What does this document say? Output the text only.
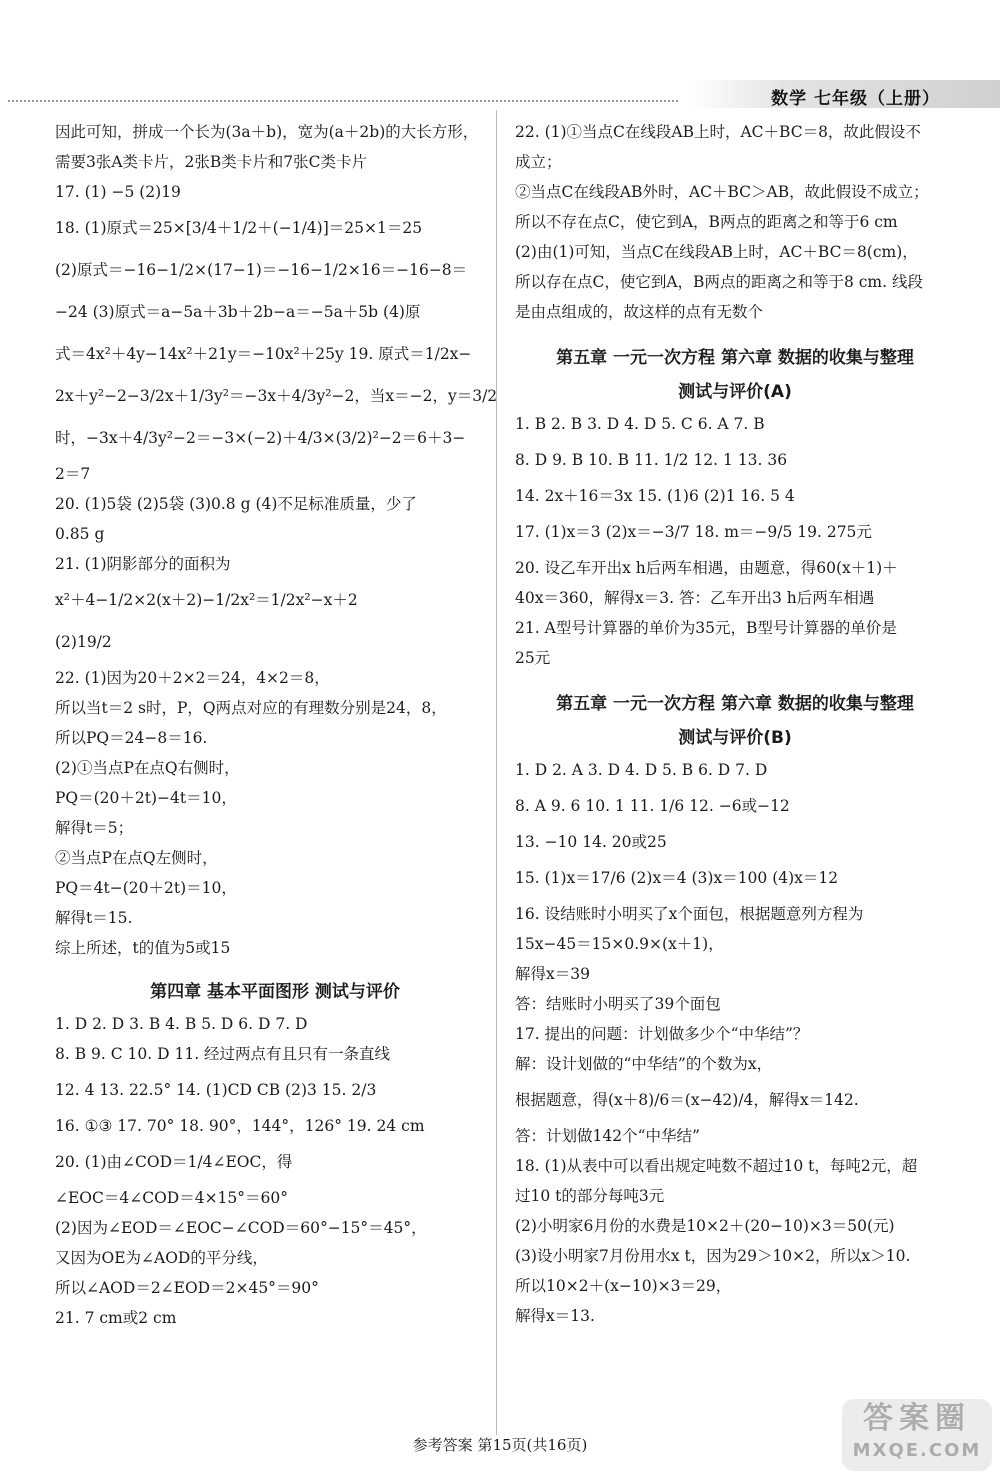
数学 七年级（上册）
因此可知，拼成一个长为(3a＋b)，宽为(a＋2b)的大长方形，
需要3张A类卡片，2张B类卡片和7张C类卡片
17. (1) −5 (2)19
18. (1)原式＝25×[3/4＋1/2＋(−1/4)]＝25×1＝25
(2)原式＝−16−1/2×(17−1)＝−16−1/2×16＝−16−8＝
−24 (3)原式＝a−5a＋3b＋2b−a＝−5a＋5b (4)原
式＝4x²＋4y−14x²＋21y＝−10x²＋25y 19. 原式＝1/2x−
2x＋y²−2−3/2x＋1/3y²＝−3x＋4/3y²−2，当x＝−2，y＝3/2
时，−3x＋4/3y²−2＝−3×(−2)＋4/3×(3/2)²−2＝6＋3−
2＝7
20. (1)5袋 (2)5袋 (3)0.8 g (4)不足标准质量，少了
0.85 g
21. (1)阴影部分的面积为
x²＋4−1/2×2(x＋2)−1/2x²＝1/2x²−x＋2
(2)19/2
22. (1)因为20＋2×2＝24，4×2＝8，
所以当t＝2 s时，P，Q两点对应的有理数分别是24，8，
所以PQ＝24−8＝16.
(2)①当点P在点Q右侧时，
PQ＝(20＋2t)−4t＝10，
解得t＝5；
②当点P在点Q左侧时，
PQ＝4t−(20＋2t)＝10，
解得t＝15.
综上所述，t的值为5或15
第四章 基本平面图形 测试与评价
1. D 2. D 3. B 4. B 5. D 6. D 7. D
8. B 9. C 10. D 11. 经过两点有且只有一条直线
12. 4 13. 22.5° 14. (1)CD CB (2)3 15. 2/3
16. ①③ 17. 70° 18. 90°，144°，126° 19. 24 cm
20. (1)由∠COD＝1/4∠EOC，得
∠EOC＝4∠COD＝4×15°＝60°
(2)因为∠EOD＝∠EOC−∠COD＝60°−15°＝45°，
又因为OE为∠AOD的平分线，
所以∠AOD＝2∠EOD＝2×45°＝90°
21. 7 cm或2 cm
22. (1)①当点C在线段AB上时，AC＋BC＝8，故此假设不
成立；
②当点C在线段AB外时，AC＋BC＞AB，故此假设不成立；
所以不存在点C，使它到A，B两点的距离之和等于6 cm
(2)由(1)可知，当点C在线段AB上时，AC＋BC＝8(cm)，
所以存在点C，使它到A，B两点的距离之和等于8 cm. 线段
是由点组成的，故这样的点有无数个
第五章 一元一次方程 第六章 数据的收集与整理
测试与评价(A)
1. B 2. B 3. D 4. D 5. C 6. A 7. B
8. D 9. B 10. B 11. 1/2 12. 1 13. 36
14. 2x＋16＝3x 15. (1)6 (2)1 16. 5 4
17. (1)x＝3 (2)x＝−3/7 18. m＝−9/5 19. 275元
20. 设乙车开出x h后两车相遇，由题意，得60(x＋1)＋
40x＝360，解得x＝3. 答：乙车开出3 h后两车相遇
21. A型号计算器的单价为35元，B型号计算器的单价是
25元
第五章 一元一次方程 第六章 数据的收集与整理
测试与评价(B)
1. D 2. A 3. D 4. D 5. B 6. D 7. D
8. A 9. 6 10. 1 11. 1/6 12. −6或−12
13. −10 14. 20或25
15. (1)x＝17/6 (2)x＝4 (3)x＝100 (4)x＝12
16. 设结账时小明买了x个面包，根据题意列方程为
15x−45＝15×0.9×(x＋1)，
解得x＝39
答：结账时小明买了39个面包
17. 提出的问题：计划做多少个“中华结”？
解：设计划做的“中华结”的个数为x，
根据题意，得(x＋8)/6＝(x−42)/4，解得x＝142.
答：计划做142个“中华结”
18. (1)从表中可以看出规定吨数不超过10 t，每吨2元，超
过10 t的部分每吨3元
(2)小明家6月份的水费是10×2＋(20−10)×3＝50(元)
(3)设小明家7月份用水x t，因为29＞10×2，所以x＞10.
所以10×2＋(x−10)×3＝29，
解得x＝13.
参考答案 第15页(共16页)
答案圈
MXQE.COM
